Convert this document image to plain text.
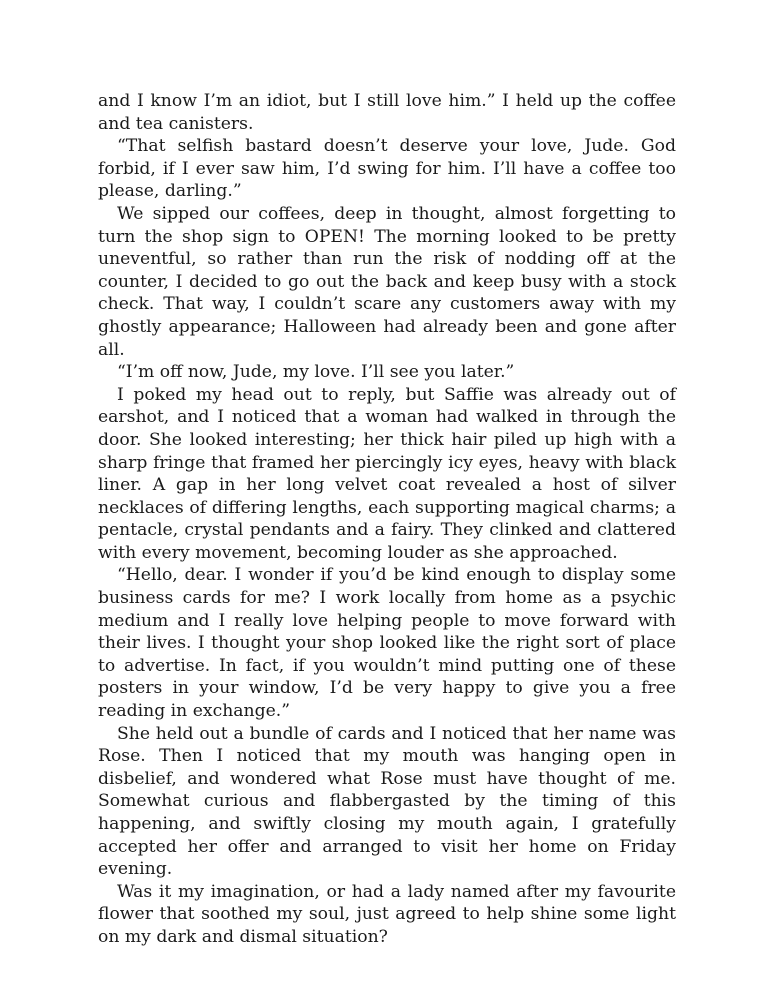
and I know I’m an idiot, but I still love him.” I held up the coffee and tea canisters.

“That selfish bastard doesn’t deserve your love, Jude. God forbid, if I ever saw him, I’d swing for him. I’ll have a coffee too please, darling.”

We sipped our coffees, deep in thought, almost forgetting to turn the shop sign to OPEN! The morning looked to be pretty uneventful, so rather than run the risk of nodding off at the counter, I decided to go out the back and keep busy with a stock check. That way, I couldn’t scare any customers away with my ghostly appearance; Halloween had already been and gone after all.

“I’m off now, Jude, my love. I’ll see you later.”

I poked my head out to reply, but Saffie was already out of earshot, and I noticed that a woman had walked in through the door. She looked interesting; her thick hair piled up high with a sharp fringe that framed her piercingly icy eyes, heavy with black liner. A gap in her long velvet coat revealed a host of silver necklaces of differing lengths, each supporting magical charms; a pentacle, crystal pendants and a fairy. They clinked and clattered with every movement, becoming louder as she approached.

“Hello, dear. I wonder if you’d be kind enough to display some business cards for me? I work locally from home as a psychic medium and I really love helping people to move forward with their lives. I thought your shop looked like the right sort of place to advertise. In fact, if you wouldn’t mind putting one of these posters in your window, I’d be very happy to give you a free reading in exchange.”

She held out a bundle of cards and I noticed that her name was Rose. Then I noticed that my mouth was hanging open in disbelief, and wondered what Rose must have thought of me. Somewhat curious and flabbergasted by the timing of this happening, and swiftly closing my mouth again, I gratefully accepted her offer and arranged to visit her home on Friday evening.

Was it my imagination, or had a lady named after my favourite flower that soothed my soul, just agreed to help shine some light on my dark and dismal situation?
